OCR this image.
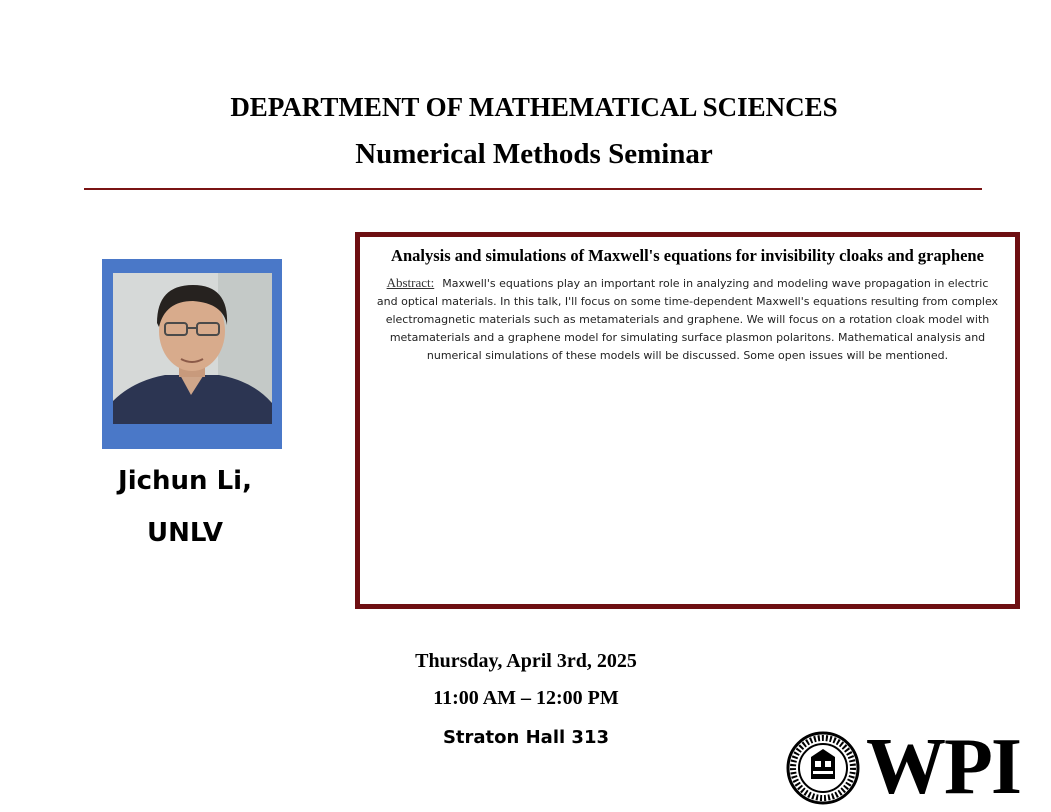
DEPARTMENT OF MATHEMATICAL SCIENCES
Numerical Methods Seminar
Jichun Li,
UNLV
Analysis and simulations of Maxwell's equations for invisibility cloaks and graphene
Abstract: Maxwell's equations play an important role in analyzing and modeling wave propagation in electric and optical materials. In this talk, I'll focus on some time-dependent Maxwell's equations resulting from complex electromagnetic materials such as metamaterials and graphene. We will focus on a rotation cloak model with metamaterials and a graphene model for simulating surface plasmon polaritons. Mathematical analysis and numerical simulations of these models will be discussed. Some open issues will be mentioned.
Thursday, April 3rd, 2025
11:00 AM – 12:00 PM
Straton Hall 313	WPI
